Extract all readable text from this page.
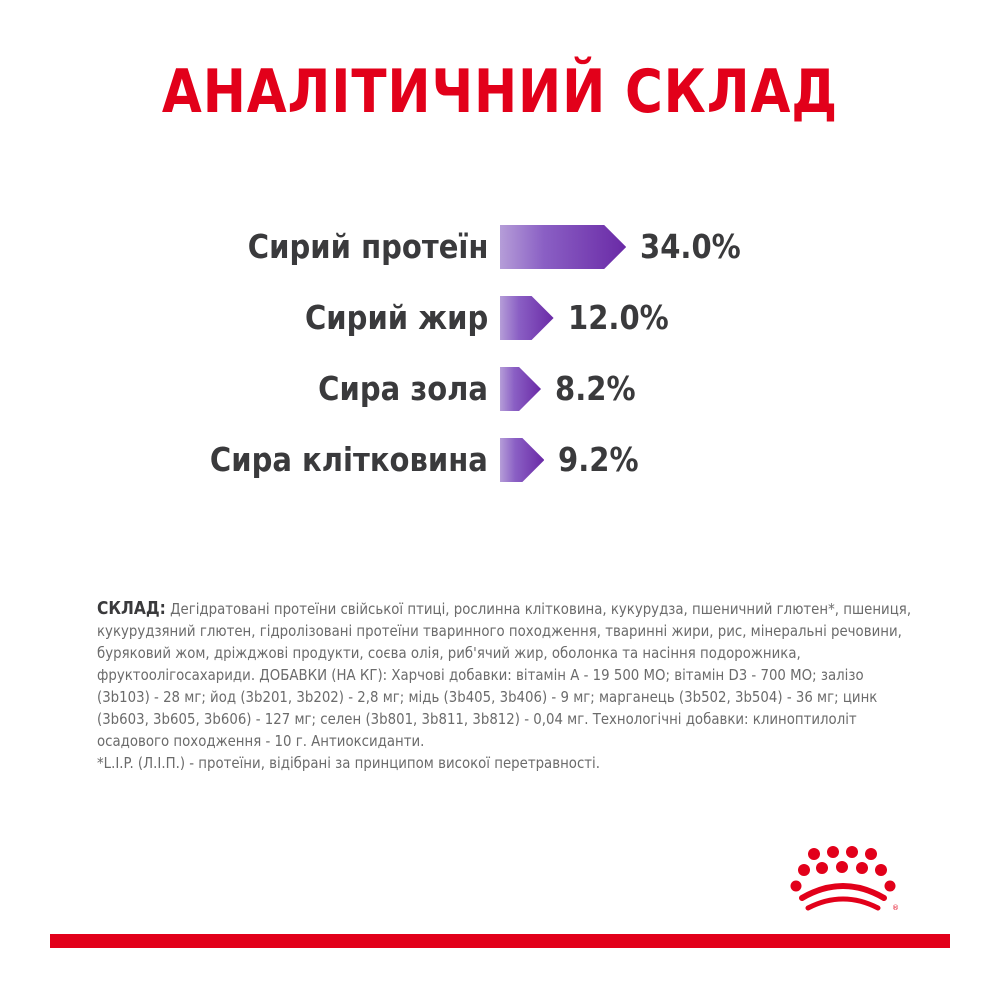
АНАЛІТИЧНИЙ СКЛАД
Сирий протеїн	34.0%
Сирий жир 12.0%
Сира зола 8.2%
Сира клітковина 9.2%

СКЛАД: Дегідратовані протеїни свійської птиці, рослинна клітковина, кукурудза, пшеничний глютен*, пшениця,

кукурудзяний глютен, гідролізовані протеїни тваринного походження, тваринні жири, рис, мінеральні речовини,

буряковий жом, дріжджові продукти, соєва олія, риб'ячий жир, оболонка та насіння подорожника,

фруктоолігосахариди. ДОБАВКИ (НА КГ): Харчові добавки: вітамін А - 19 500 МО; вітамін D3 - 700 МО; залізо

(3b103) - 28 мг; йод (3b201, 3b202) - 2,8 мг; мідь (3b405, 3b406) - 9 мг; марганець (3b502, 3b504) - 36 мг; цинк

(3b603, 3b605, 3b606) - 127 мг; селен (3b801, 3b811, 3b812) - 0,04 мг. Технологічні добавки: клиноптилоліт

осадового походження - 10 г. Антиоксиданти.

*L.I.P. (Л.І.П.) - протеїни, відібрані за принципом високої перетравності.

®
